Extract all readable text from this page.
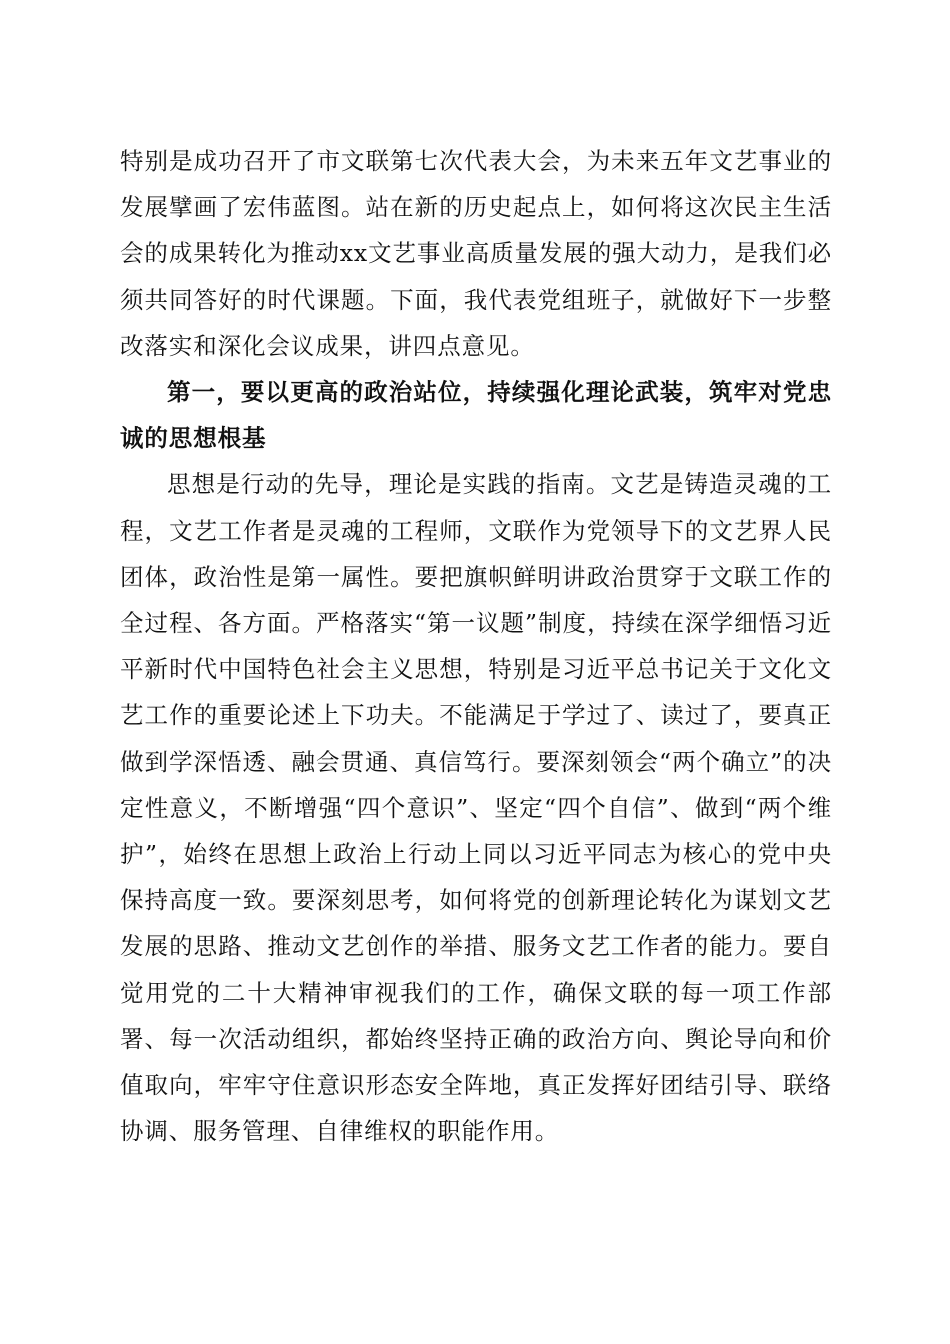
特别是成功召开了市文联第七次代表大会，为未来五年文艺事业的发展擘画了宏伟蓝图。站在新的历史起点上，如何将这次民主生活会的成果转化为推动xx文艺事业高质量发展的强大动力，是我们必须共同答好的时代课题。下面，我代表党组班子，就做好下一步整改落实和深化会议成果，讲四点意见。

第一，要以更高的政治站位，持续强化理论武装，筑牢对党忠诚的思想根基

思想是行动的先导，理论是实践的指南。文艺是铸造灵魂的工程，文艺工作者是灵魂的工程师，文联作为党领导下的文艺界人民团体，政治性是第一属性。要把旗帜鲜明讲政治贯穿于文联工作的全过程、各方面。严格落实“第一议题”制度，持续在深学细悟习近平新时代中国特色社会主义思想，特别是习近平总书记关于文化文艺工作的重要论述上下功夫。不能满足于学过了、读过了，要真正做到学深悟透、融会贯通、真信笃行。要深刻领会“两个确立”的决定性意义，不断增强“四个意识”、坚定“四个自信”、做到“两个维护”，始终在思想上政治上行动上同以习近平同志为核心的党中央保持高度一致。要深刻思考，如何将党的创新理论转化为谋划文艺发展的思路、推动文艺创作的举措、服务文艺工作者的能力。要自觉用党的二十大精神审视我们的工作，确保文联的每一项工作部署、每一次活动组织，都始终坚持正确的政治方向、舆论导向和价值取向，牢牢守住意识形态安全阵地，真正发挥好团结引导、联络协调、服务管理、自律维权的职能作用。
